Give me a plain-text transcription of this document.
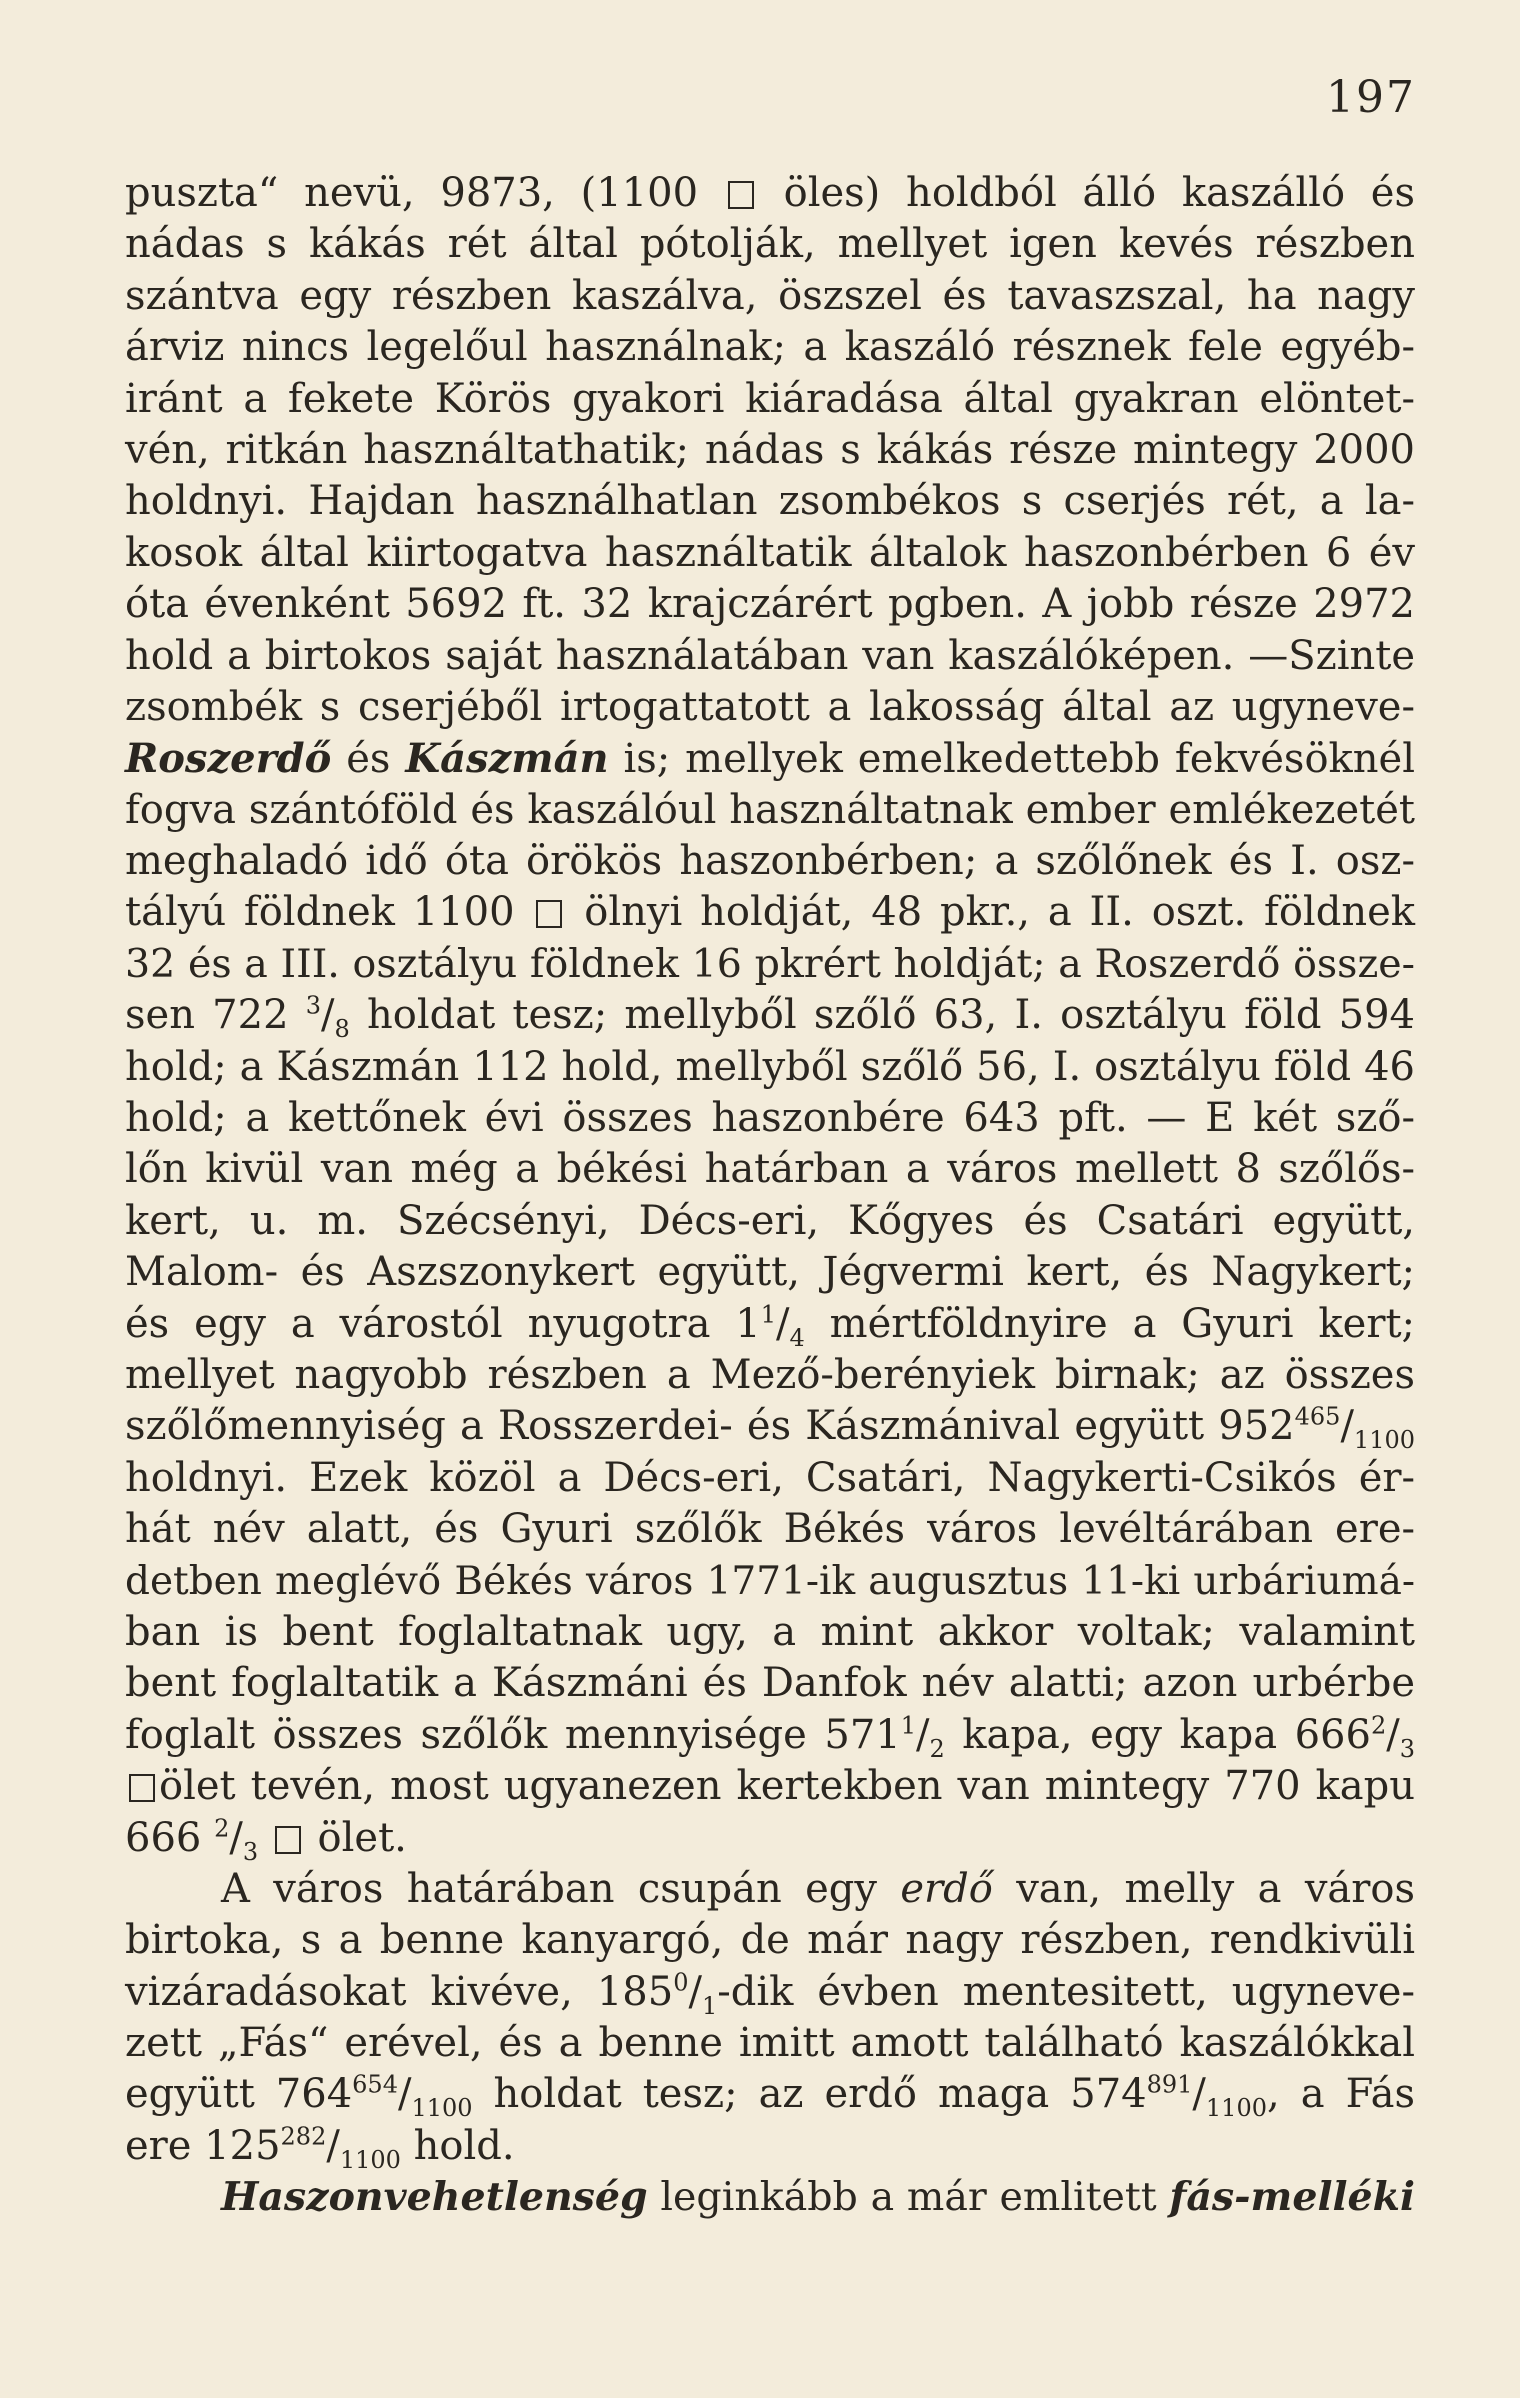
197
puszta“ nevü, 9873, (1100  öles) holdból álló kaszálló és
nádas s kákás rét által pótolják, mellyet igen kevés részben
szántva egy részben kaszálva, öszszel és tavaszszal, ha nagy
árviz nincs legelőul használnak; a kaszáló résznek fele egyéb-
iránt a fekete Körös gyakori kiáradása által gyakran elöntet-
vén, ritkán használtathatik; nádas s kákás része mintegy 2000
holdnyi. Hajdan használhatlan zsombékos s cserjés rét, a la-
kosok által kiirtogatva használtatik általok haszonbérben 6 év
óta évenként 5692 ft. 32 krajczárért pgben. A jobb része 2972
hold a birtokos saját használatában van kaszálóképen. —Szinte
zsombék s cserjéből irtogattatott a lakosság által az ugyneve-
Roszerdő és Kászmán is; mellyek emelkedettebb fekvésöknél
fogva szántóföld és kaszálóul használtatnak ember emlékezetét
meghaladó idő óta örökös haszonbérben; a szőlőnek és I. osz-
tályú földnek 1100  ölnyi holdját, 48 pkr., a II. oszt. földnek
32 és a III. osztályu földnek 16 pkrért holdját; a Roszerdő össze-
sen 722 $^3/_8$ holdat tesz; mellyből szőlő 63, I. osztályu föld 594
hold; a Kászmán 112 hold, mellyből szőlő 56, I. osztályu föld 46
hold; a kettőnek évi összes haszonbére 643 pft. — E két sző-
lőn kivül van még a békési határban a város mellett 8 szőlős-
kert, u. m. Szécsényi, Décs-eri, Kőgyes és Csatári együtt,
Malom- és Aszszonykert együtt, Jégvermi kert, és Nagykert;
és egy a várostól nyugotra $1^1/_4$ mértföldnyire a Gyuri kert;
mellyet nagyobb részben a Mező-berényiek birnak; az összes
szőlőmennyiség a Rosszerdei- és Kászmánival együtt $952^{465}/_{1100}$
holdnyi. Ezek közöl a Décs-eri, Csatári, Nagykerti-Csikós ér-
hát név alatt, és Gyuri szőlők Békés város levéltárában ere-
detben meglévő Békés város 1771-ik augusztus 11-ki urbáriumá-
ban is bent foglaltatnak ugy, a mint akkor voltak; valamint
bent foglaltatik a Kászmáni és Danfok név alatti; azon urbérbe
foglalt összes szőlők mennyisége $571^1/_2$ kapa, egy kapa $666^2/_3$
ölet tevén, most ugyanezen kertekben van mintegy 770 kapu
666 $^2/_3$  ölet.
A város határában csupán egy erdő van, melly a város
birtoka, s a benne kanyargó, de már nagy részben, rendkivüli
vizáradásokat kivéve, $185^0/_1$-dik évben mentesitett, ugyneve-
zett „Fás“ erével, és a benne imitt amott található kaszálókkal
együtt $764^{654}/_{1100}$ holdat tesz; az erdő maga $574^{891}/_{1100}$, a Fás
ere $125^{282}/_{1100}$ hold.
Haszonvehetlenség leginkább a már emlitett fás-melléki
